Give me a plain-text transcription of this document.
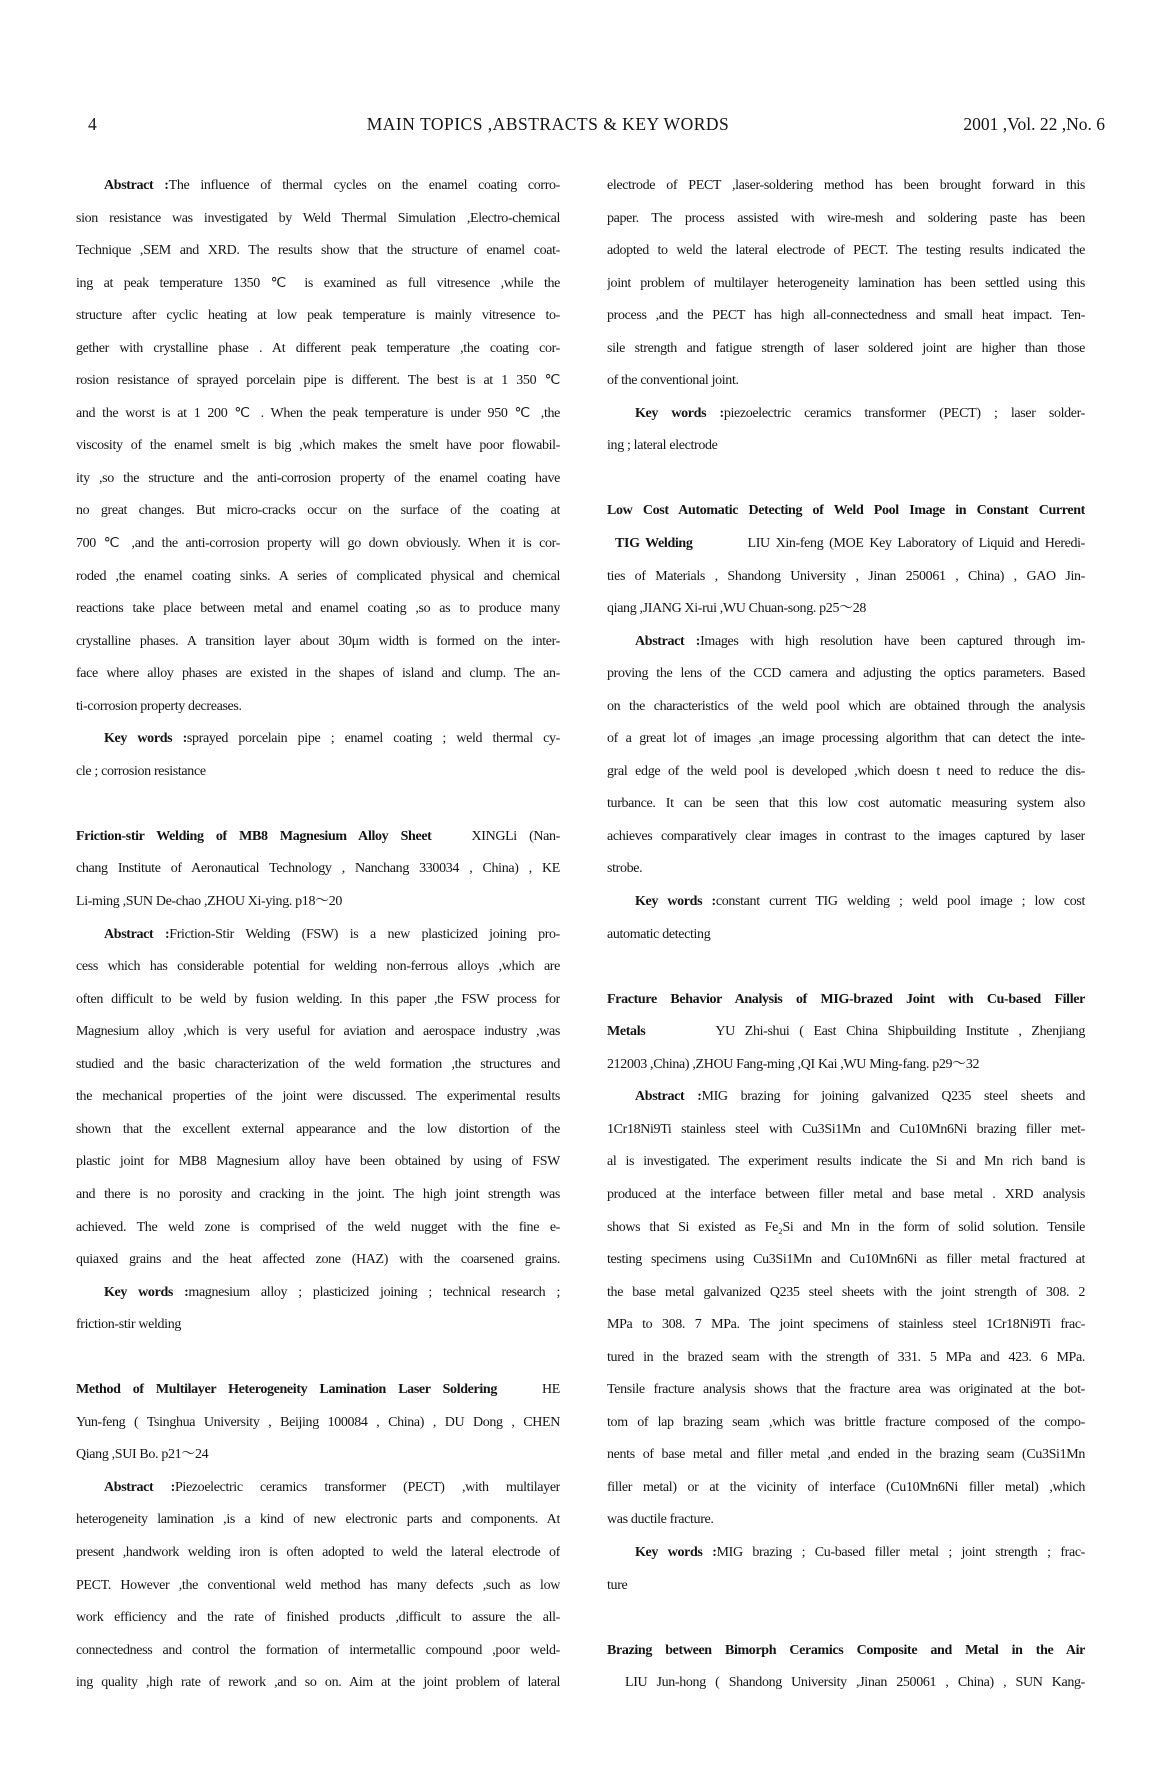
4	MAIN TOPICS ,ABSTRACTS & KEY WORDS	2001 ,Vol. 22 ,No. 6
Abstract :The influence of thermal cycles on the enamel coating corro-
sion resistance was investigated by Weld Thermal Simulation ,Electro-chemical
Technique ,SEM and XRD. The results show that the structure of enamel coat-
ing at peak temperature 1350 ℃ is examined as full vitresence ,while the
structure after cyclic heating at low peak temperature is mainly vitresence to-
gether with crystalline phase . At different peak temperature ,the coating cor-
rosion resistance of sprayed porcelain pipe is different. The best is at 1 350 ℃
and the worst is at 1 200 ℃ . When the peak temperature is under 950 ℃ ,the
viscosity of the enamel smelt is big ,which makes the smelt have poor flowabil-
ity ,so the structure and the anti-corrosion property of the enamel coating have
no great changes. But micro-cracks occur on the surface of the coating at
700 ℃ ,and the anti-corrosion property will go down obviously. When it is cor-
roded ,the enamel coating sinks. A series of complicated physical and chemical
reactions take place between metal and enamel coating ,so as to produce many
crystalline phases. A transition layer about 30μm width is formed on the inter-
face where alloy phases are existed in the shapes of island and clump. The an-
ti-corrosion property decreases.
Key words :sprayed porcelain pipe ; enamel coating ; weld thermal cy-
cle ; corrosion resistance
Friction-stir Welding of MB8 Magnesium Alloy Sheet	XINGLi (Nan-
chang Institute of Aeronautical Technology , Nanchang 330034 , China) , KE
Li-ming ,SUN De-chao ,ZHOU Xi-ying. p18～20
Abstract :Friction-Stir Welding (FSW) is a new plasticized joining pro-
cess which has considerable potential for welding non-ferrous alloys ,which are
often difficult to be weld by fusion welding. In this paper ,the FSW process for
Magnesium alloy ,which is very useful for aviation and aerospace industry ,was
studied and the basic characterization of the weld formation ,the structures and
the mechanical properties of the joint were discussed. The experimental results
shown that the excellent external appearance and the low distortion of the
plastic joint for MB8 Magnesium alloy have been obtained by using of FSW
and there is no porosity and cracking in the joint. The high joint strength was
achieved. The weld zone is comprised of the weld nugget with the fine e-
quiaxed grains and the heat affected zone (HAZ) with the coarsened grains.
Key words :magnesium alloy ; plasticized joining ; technical research ;
friction-stir welding
Method of Multilayer Heterogeneity Lamination Laser Soldering	HE
Yun-feng ( Tsinghua University , Beijing 100084 , China) , DU Dong , CHEN
Qiang ,SUI Bo. p21～24
Abstract :Piezoelectric ceramics transformer (PECT) ,with multilayer
heterogeneity lamination ,is a kind of new electronic parts and components. At
present ,handwork welding iron is often adopted to weld the lateral electrode of
PECT. However ,the conventional weld method has many defects ,such as low
work efficiency and the rate of finished products ,difficult to assure the all-
connectedness and control the formation of intermetallic compound ,poor weld-
ing quality ,high rate of rework ,and so on. Aim at the joint problem of lateral
electrode of PECT ,laser-soldering method has been brought forward in this
paper. The process assisted with wire-mesh and soldering paste has been
adopted to weld the lateral electrode of PECT. The testing results indicated the
joint problem of multilayer heterogeneity lamination has been settled using this
process ,and the PECT has high all-connectedness and small heat impact. Ten-
sile strength and fatigue strength of laser soldered joint are higher than those
of the conventional joint.
Key words :piezoelectric ceramics transformer (PECT) ; laser solder-
ing ; lateral electrode
Low Cost Automatic Detecting of Weld Pool Image in Constant Current
TIG Welding	LIU Xin-feng (MOE Key Laboratory of Liquid and Heredi-
ties of Materials , Shandong University , Jinan 250061 , China) , GAO Jin-
qiang ,JIANG Xi-rui ,WU Chuan-song. p25～28
Abstract :Images with high resolution have been captured through im-
proving the lens of the CCD camera and adjusting the optics parameters. Based
on the characteristics of the weld pool which are obtained through the analysis
of a great lot of images ,an image processing algorithm that can detect the inte-
gral edge of the weld pool is developed ,which doesn t need to reduce the dis-
turbance. It can be seen that this low cost automatic measuring system also
achieves comparatively clear images in contrast to the images captured by laser
strobe.
Key words :constant current TIG welding ; weld pool image ; low cost
automatic detecting
Fracture Behavior Analysis of MIG-brazed Joint with Cu-based Filler
Metals	YU Zhi-shui ( East China Shipbuilding Institute , Zhenjiang
212003 ,China) ,ZHOU Fang-ming ,QI Kai ,WU Ming-fang. p29～32
Abstract :MIG brazing for joining galvanized Q235 steel sheets and
1Cr18Ni9Ti stainless steel with Cu3Si1Mn and Cu10Mn6Ni brazing filler met-
al is investigated. The experiment results indicate the Si and Mn rich band is
produced at the interface between filler metal and base metal . XRD analysis
shows that Si existed as Fe₂Si and Mn in the form of solid solution. Tensile
testing specimens using Cu3Si1Mn and Cu10Mn6Ni as filler metal fractured at
the base metal galvanized Q235 steel sheets with the joint strength of 308. 2
MPa to 308. 7 MPa. The joint specimens of stainless steel 1Cr18Ni9Ti frac-
tured in the brazed seam with the strength of 331. 5 MPa and 423. 6 MPa.
Tensile fracture analysis shows that the fracture area was originated at the bot-
tom of lap brazing seam ,which was brittle fracture composed of the compo-
nents of base metal and filler metal ,and ended in the brazing seam (Cu3Si1Mn
filler metal) or at the vicinity of interface (Cu10Mn6Ni filler metal) ,which
was ductile fracture.
Key words :MIG brazing ; Cu-based filler metal ; joint strength ; frac-
ture
Brazing between Bimorph Ceramics Composite and Metal in the Air
LIU Jun-hong ( Shandong University ,Jinan 250061 , China) , SUN Kang-
